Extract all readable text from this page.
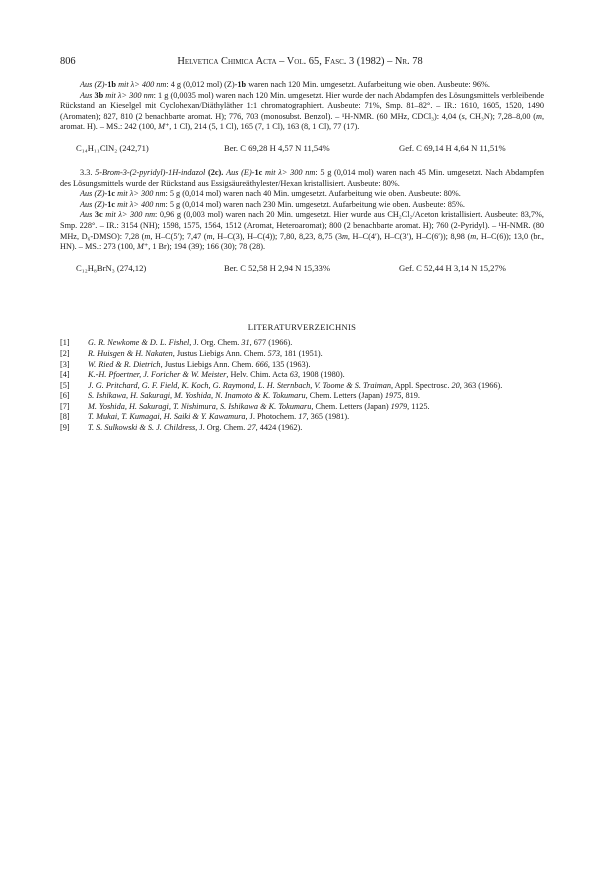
806	Helvetica Chimica Acta – Vol. 65, Fasc. 3 (1982) – Nr. 78

Aus (Z)-1b mit λ> 400 nm: 4 g (0,012 mol) (Z)-1b waren nach 120 Min. umgesetzt. Aufarbeitung wie oben. Ausbeute: 96%.

Aus 3b mit λ> 300 nm: 1 g (0,0035 mol) waren nach 120 Min. umgesetzt. Hier wurde der nach Abdampfen des Lösungsmittels verbleibende Rückstand an Kieselgel mit Cyclohexan/Diäthyläther 1:1 chromatographiert. Ausbeute: 71%, Smp. 81–82°. – IR.: 1610, 1605, 1520, 1490 (Aromaten); 827, 810 (2 benachbarte aromat. H); 776, 703 (monosubst. Benzol). – ¹H-NMR. (60 MHz, CDCl₃): 4,04 (s, CH₃N); 7,28–8,00 (m, aromat. H). – MS.: 242 (100, M⁺, 1 Cl), 214 (5, 1 Cl), 165 (7, 1 Cl), 163 (8, 1 Cl), 77 (17).

C₁₄H₁₁ClN₂ (242,71)	Ber. C 69,28 H 4,57 N 11,54%	Gef. C 69,14 H 4,64 N 11,51%

3.3. 5-Brom-3-(2-pyridyl)-1H-indazol (2c). Aus (E)-1c mit λ> 300 nm: 5 g (0,014 mol) waren nach 45 Min. umgesetzt. Nach Abdampfen des Lösungsmittels wurde der Rückstand aus Essigsäureäthylester/Hexan kristallisiert. Ausbeute: 80%.

Aus (Z)-1c mit λ> 300 nm: 5 g (0,014 mol) waren nach 40 Min. umgesetzt. Aufarbeitung wie oben. Ausbeute: 80%.

Aus (Z)-1c mit λ> 400 nm: 5 g (0,014 mol) waren nach 230 Min. umgesetzt. Aufarbeitung wie oben. Ausbeute: 85%.

Aus 3c mit λ> 300 nm: 0,96 g (0,003 mol) waren nach 20 Min. umgesetzt. Hier wurde aus CH₂Cl₂/Aceton kristallisiert. Ausbeute: 83,7%, Smp. 228°. – IR.: 3154 (NH); 1598, 1575, 1564, 1512 (Aromat, Heteroaromat); 800 (2 benachbarte aromat. H); 760 (2-Pyridyl). – ¹H-NMR. (80 MHz, D₆-DMSO): 7,28 (m, H–C(5′); 7,47 (m, H–C(3), H–C(4)); 7,80, 8,23, 8,75 (3m, H–C(4′), H–C(3′), H–C(6′)); 8,98 (m, H–C(6)); 13,0 (br., HN). – MS.: 273 (100, M⁺, 1 Br); 194 (39); 166 (30); 78 (28).

C₁₂H₈BrN₃ (274,12)	Ber. C 52,58 H 2,94 N 15,33%	Gef. C 52,44 H 3,14 N 15,27%
LITERATURVERZEICHNIS
[1] G. R. Newkome & D. L. Fishel, J. Org. Chem. 31, 677 (1966).
[2] R. Huisgen & H. Nakaten, Justus Liebigs Ann. Chem. 573, 181 (1951).
[3] W. Ried & R. Dietrich, Justus Liebigs Ann. Chem. 666, 135 (1963).
[4] K.-H. Pfoertner, J. Foricher & W. Meister, Helv. Chim. Acta 63, 1908 (1980).
[5] J. G. Pritchard, G. F. Field, K. Koch, G. Raymond, L. H. Sternbach, V. Toome & S. Traiman, Appl. Spectrosc. 20, 363 (1966).
[6] S. Ishikawa, H. Sakuragi, M. Yoshida, N. Inamoto & K. Tokumaru, Chem. Letters (Japan) 1975, 819.
[7] M. Yoshida, H. Sakuragi, T. Nishimura, S. Ishikawa & K. Tokumaru, Chem. Letters (Japan) 1979, 1125.
[8] T. Mukai, T. Kumagai, H. Saiki & Y. Kawamura, J. Photochem. 17, 365 (1981).
[9] T. S. Sulkowski & S. J. Childress, J. Org. Chem. 27, 4424 (1962).
